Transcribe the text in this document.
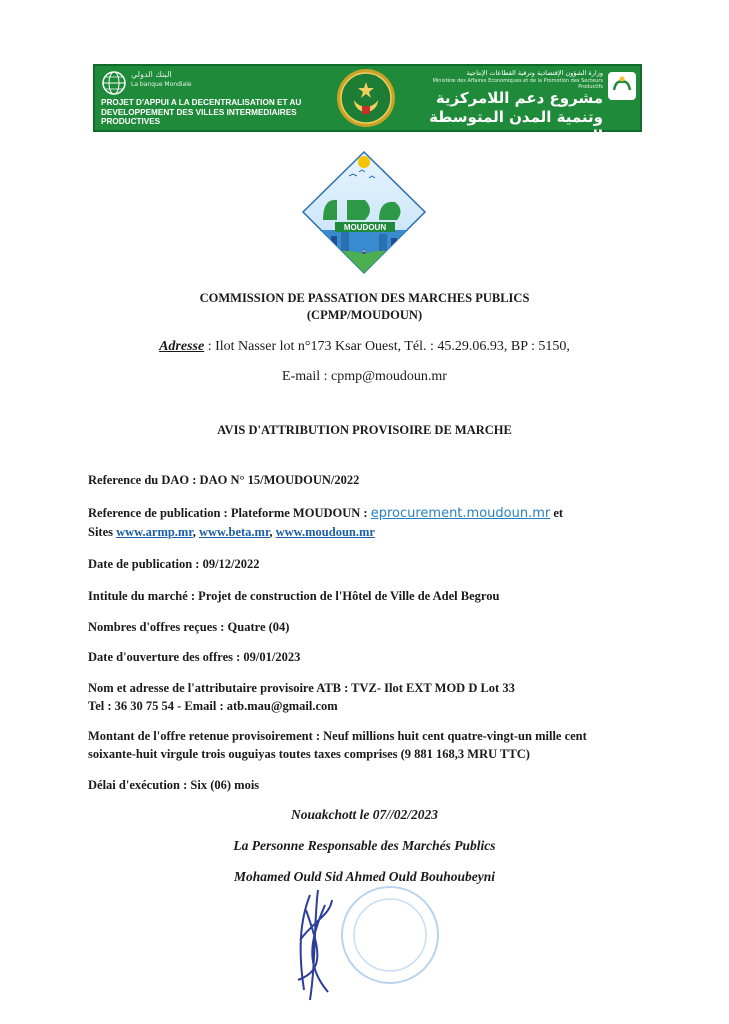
البنك الدولي
La banque Mondiale
PROJET D'APPUI A LA DECENTRALISATION ET AU DEVELOPPEMENT DES VILLES INTERMEDIAIRES PRODUCTIVES
وزارة الشؤون الإقتصادية وترقية القطاعات الإنتاجية
Ministère des Affaires Economiques et de la Promotion des Secteurs Productifs
مشروع دعم اللامركزية وتنمية المدن المتوسطة المنتجة
MOUDOUN
COMMISSION DE PASSATION DES MARCHES PUBLICS
(CPMP/MOUDOUN)
Adresse : Ilot Nasser lot n°173 Ksar Ouest, Tél. : 45.29.06.93, BP : 5150,
E-mail : cpmp@moudoun.mr
AVIS D'ATTRIBUTION PROVISOIRE DE MARCHE
Reference du DAO : DAO N° 15/MOUDOUN/2022
Reference de publication : Plateforme MOUDOUN : eprocurement.moudoun.mr et
Sites www.armp.mr, www.beta.mr, www.moudoun.mr
Date de publication : 09/12/2022
Intitule du marché : Projet de construction de l'Hôtel de Ville de Adel Begrou
Nombres d'offres reçues : Quatre (04)
Date d'ouverture des offres : 09/01/2023
Nom et adresse de l'attributaire provisoire ATB : TVZ- Ilot EXT MOD D Lot 33
Tel : 36 30 75 54 - Email : atb.mau@gmail.com
Montant de l'offre retenue provisoirement : Neuf millions huit cent quatre-vingt-un mille cent
soixante-huit virgule trois ouguiyas toutes taxes comprises (9 881 168,3 MRU TTC)
Délai d'exécution : Six (06) mois
Nouakchott le 07//02/2023
La Personne Responsable des Marchés Publics
Mohamed Ould Sid Ahmed Ould Bouhoubeyni
